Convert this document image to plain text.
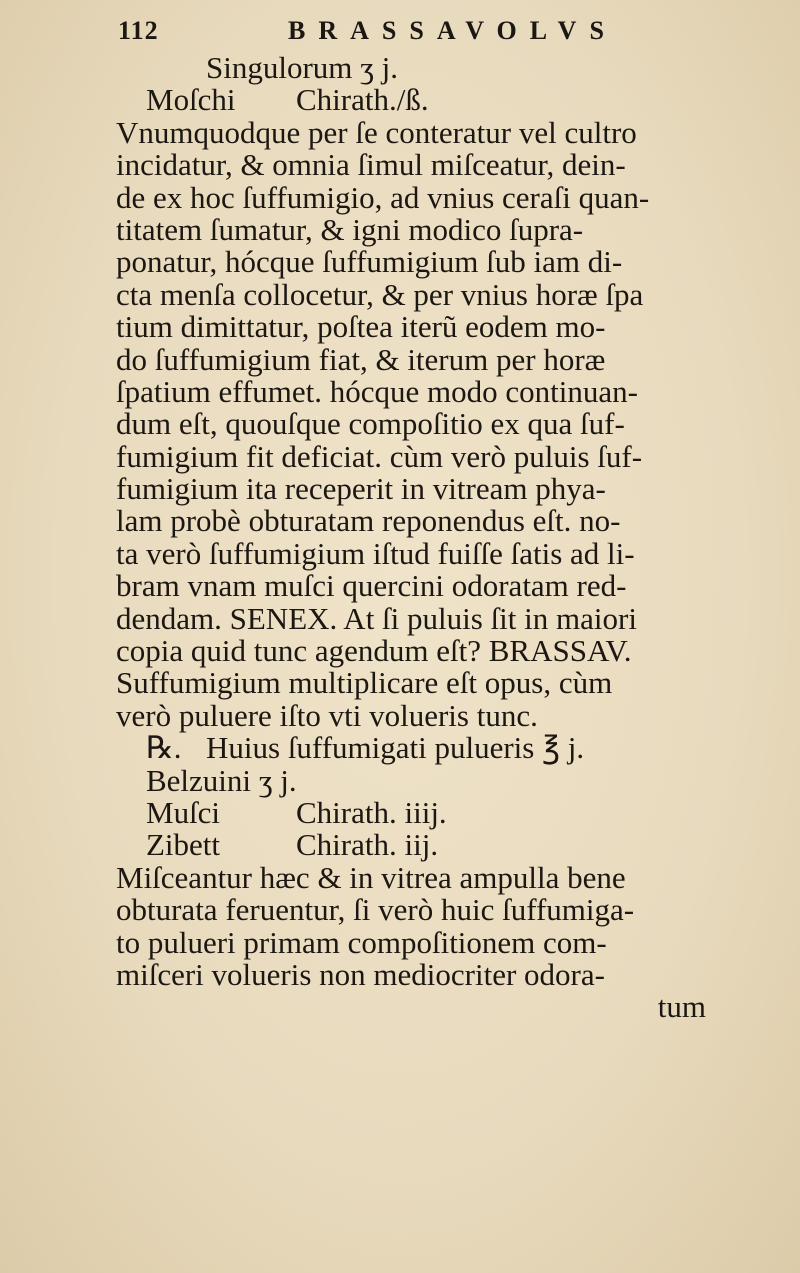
112	BRASSAVOLVS
Singulorum ʒ j.
Moſchi	Chirath./ß.
Vnumquodque per ſe conteratur vel cultro
incidatur, & omnia ſimul miſceatur, dein-
de ex hoc ſuffumigio, ad vnius ceraſi quan-
titatem ſumatur, & igni modico ſupra-
ponatur, hócque ſuffumigium ſub iam di-
cta menſa collocetur, & per vnius horæ ſpa
tium dimittatur, poſtea iterũ eodem mo-
do ſuffumigium fiat, & iterum per horæ
ſpatium effumet. hócque modo continuan-
dum eſt, quouſque compoſitio ex qua ſuf-
fumigium fit deficiat. cùm verò puluis ſuf-
fumigium ita receperit in vitream phya-
lam probè obturatam reponendus eſt. no-
ta verò ſuffumigium iſtud fuiſſe ſatis ad li-
bram vnam muſci quercini odoratam red-
dendam. SENEX. At ſi puluis ſit in maiori
copia quid tunc agendum eſt? BRASSAV.
Suffumigium multiplicare eſt opus, cùm
verò puluere iſto vti volueris tunc.
℞. Huius ſuffumigati pulueris ℥ j.
Belzuini ʒ j.
Muſci	Chirath. iiij.
Zibett	Chirath. iij.
Miſceantur hæc & in vitrea ampulla bene
obturata feruentur, ſi verò huic ſuffumiga-
to pulueri primam compoſitionem com-
miſceri volueris non mediocriter odora-
tum
